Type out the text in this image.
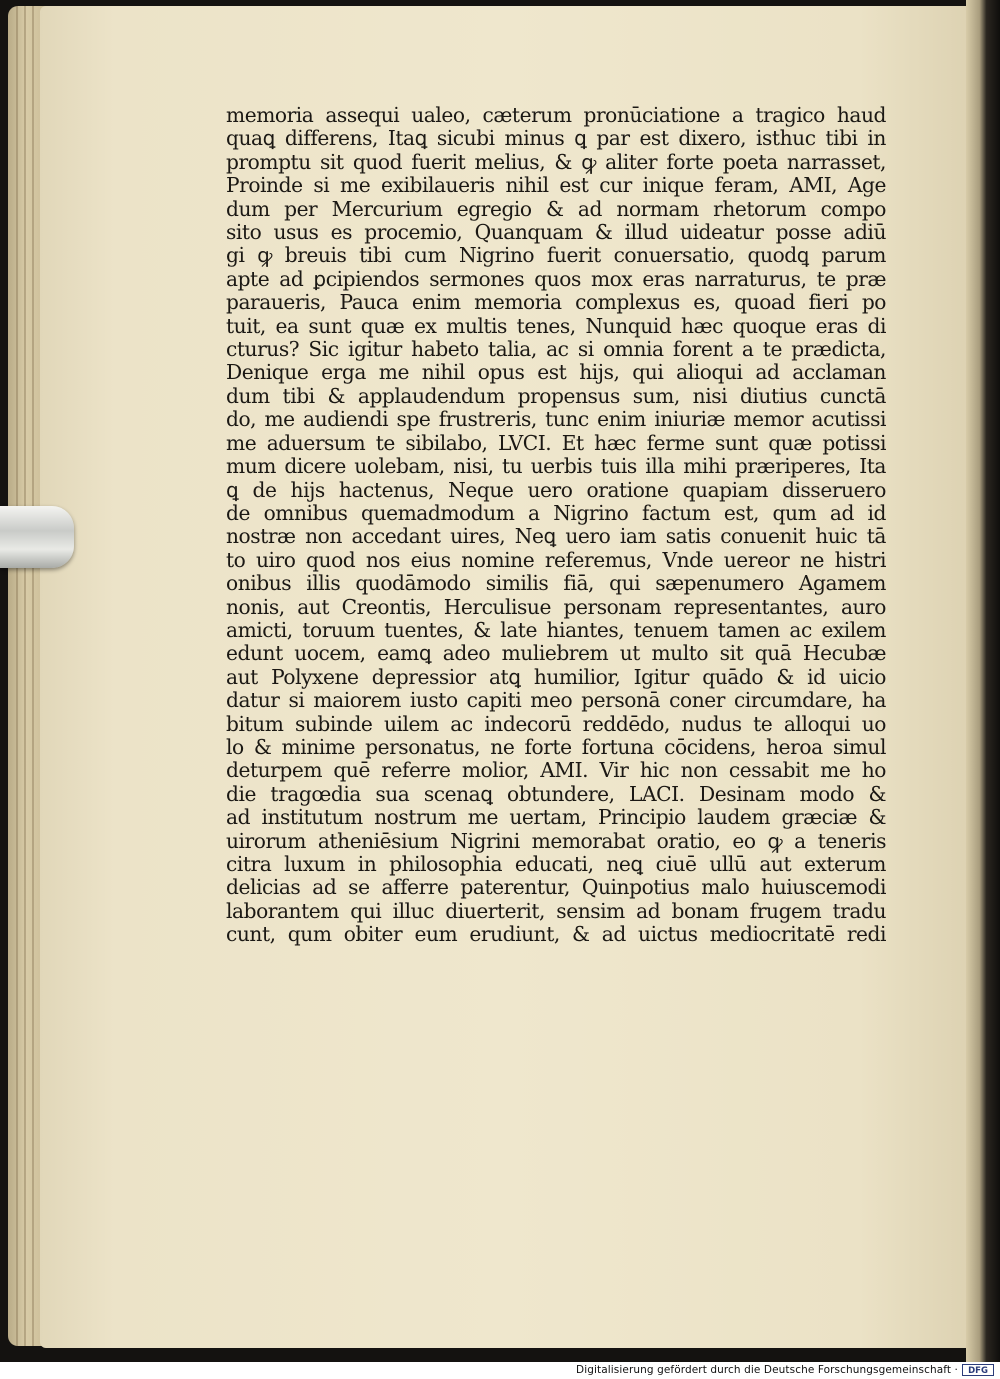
memoria assequi ualeo, cæterum pronūciatione a tragico haud
quaꝗ differens, Itaꝗ sicubi minus ꝗ par est dixero, isthuc tibi in
promptu sit quod fuerit melius, & ꝙ aliter forte poeta narrasset,
Proinde si me exibilaueris nihil est cur inique feram, AMI, Age
dum per Mercurium egregio & ad normam rhetorum compo
sito usus es procemio, Quanquam & illud uideatur posse adiū
gi ꝙ breuis tibi cum Nigrino fuerit conuersatio, quodꝗ parum
apte ad ꝑcipiendos sermones quos mox eras narraturus, te præ
paraueris, Pauca enim memoria complexus es, quoad fieri po
tuit, ea sunt quæ ex multis tenes, Nunquid hæc quoque eras di
cturus? Sic igitur habeto talia, ac si omnia forent a te prædicta,
Denique erga me nihil opus est hijs, qui alioqui ad acclaman
dum tibi & applaudendum propensus sum, nisi diutius cunctā
do, me audiendi spe frustreris, tunc enim iniuriæ memor acutissi
me aduersum te sibilabo, LVCI. Et hæc ferme sunt quæ potissi
mum dicere uolebam, nisi, tu uerbis tuis illa mihi præriperes, Ita
ꝗ de hijs hactenus, Neque uero oratione quapiam disseruero
de omnibus quemadmodum a Nigrino factum est, qum ad id
nostræ non accedant uires, Neꝗ uero iam satis conuenit huic tā
to uiro quod nos eius nomine referemus, Vnde uereor ne histri
onibus illis quodāmodo similis fiā, qui sæpenumero Agamem
nonis, aut Creontis, Herculisue personam representantes, auro
amicti, toruum tuentes, & late hiantes, tenuem tamen ac exilem
edunt uocem, eamꝗ adeo muliebrem ut multo sit quā Hecubæ
aut Polyxene depressior atꝗ humilior, Igitur quādo & id uicio
datur si maiorem iusto capiti meo personā coner circumdare, ha
bitum subinde uilem ac indecorū reddēdo, nudus te alloqui uo
lo & minime personatus, ne forte fortuna cōcidens, heroa simul
deturpem quē referre molior, AMI. Vir hic non cessabit me ho
die tragœdia sua scenaꝗ obtundere, LACI. Desinam modo &
ad institutum nostrum me uertam, Principio laudem græciæ &
uirorum atheniēsium Nigrini memorabat oratio, eo ꝙ a teneris
citra luxum in philosophia educati, neꝗ ciuē ullū aut exterum
delicias ad se afferre paterentur, Quinpotius malo huiuscemodi
laborantem qui illuc diuerterit, sensim ad bonam frugem tradu
cunt, qum obiter eum erudiunt, & ad uictus mediocritatē redi
Digitalisierung gefördert durch die Deutsche Forschungsgemeinschaft ·	DFG
